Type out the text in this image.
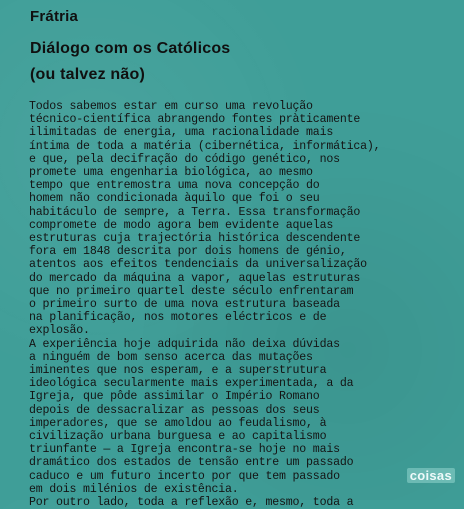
Frátria
Diálogo com os Católicos
(ou talvez não)
Todos sabemos estar em curso uma revolução
técnico-científica abrangendo fontes pràticamente
ilimitadas de energia, uma racionalidade mais
íntima de toda a matéria (cibernética, informática),
e que, pela decifração do código genético, nos
promete uma engenharia biológica, ao mesmo
tempo que entremostra uma nova concepção do
homem não condicionada àquilo que foi o seu
habitáculo de sempre, a Terra. Essa transformação
compromete de modo agora bem evidente aquelas
estruturas cuja trajectória histórica descendente
fora em 1848 descrita por dois homens de génio,
atentos aos efeitos tendenciais da universalização
do mercado da máquina a vapor, aquelas estruturas
que no primeiro quartel deste século enfrentaram
o primeiro surto de uma nova estrutura baseada
na planificação, nos motores eléctricos e de
explosão.
A experiência hoje adquirida não deixa dúvidas
a ninguém de bom senso acerca das mutações
iminentes que nos esperam, e a superstrutura
ideológica secularmente mais experimentada, a da
Igreja, que pôde assimilar o Império Romano
depois de dessacralizar as pessoas dos seus
imperadores, que se amoldou ao feudalismo, à
civilização urbana burguesa e ao capitalismo
triunfante — a Igreja encontra-se hoje no mais
dramático dos estados de tensão entre um passado
caduco e um futuro incerto por que tem passado
em dois milénios de existência.
Por outro lado, toda a reflexão e, mesmo, toda a
coisas
